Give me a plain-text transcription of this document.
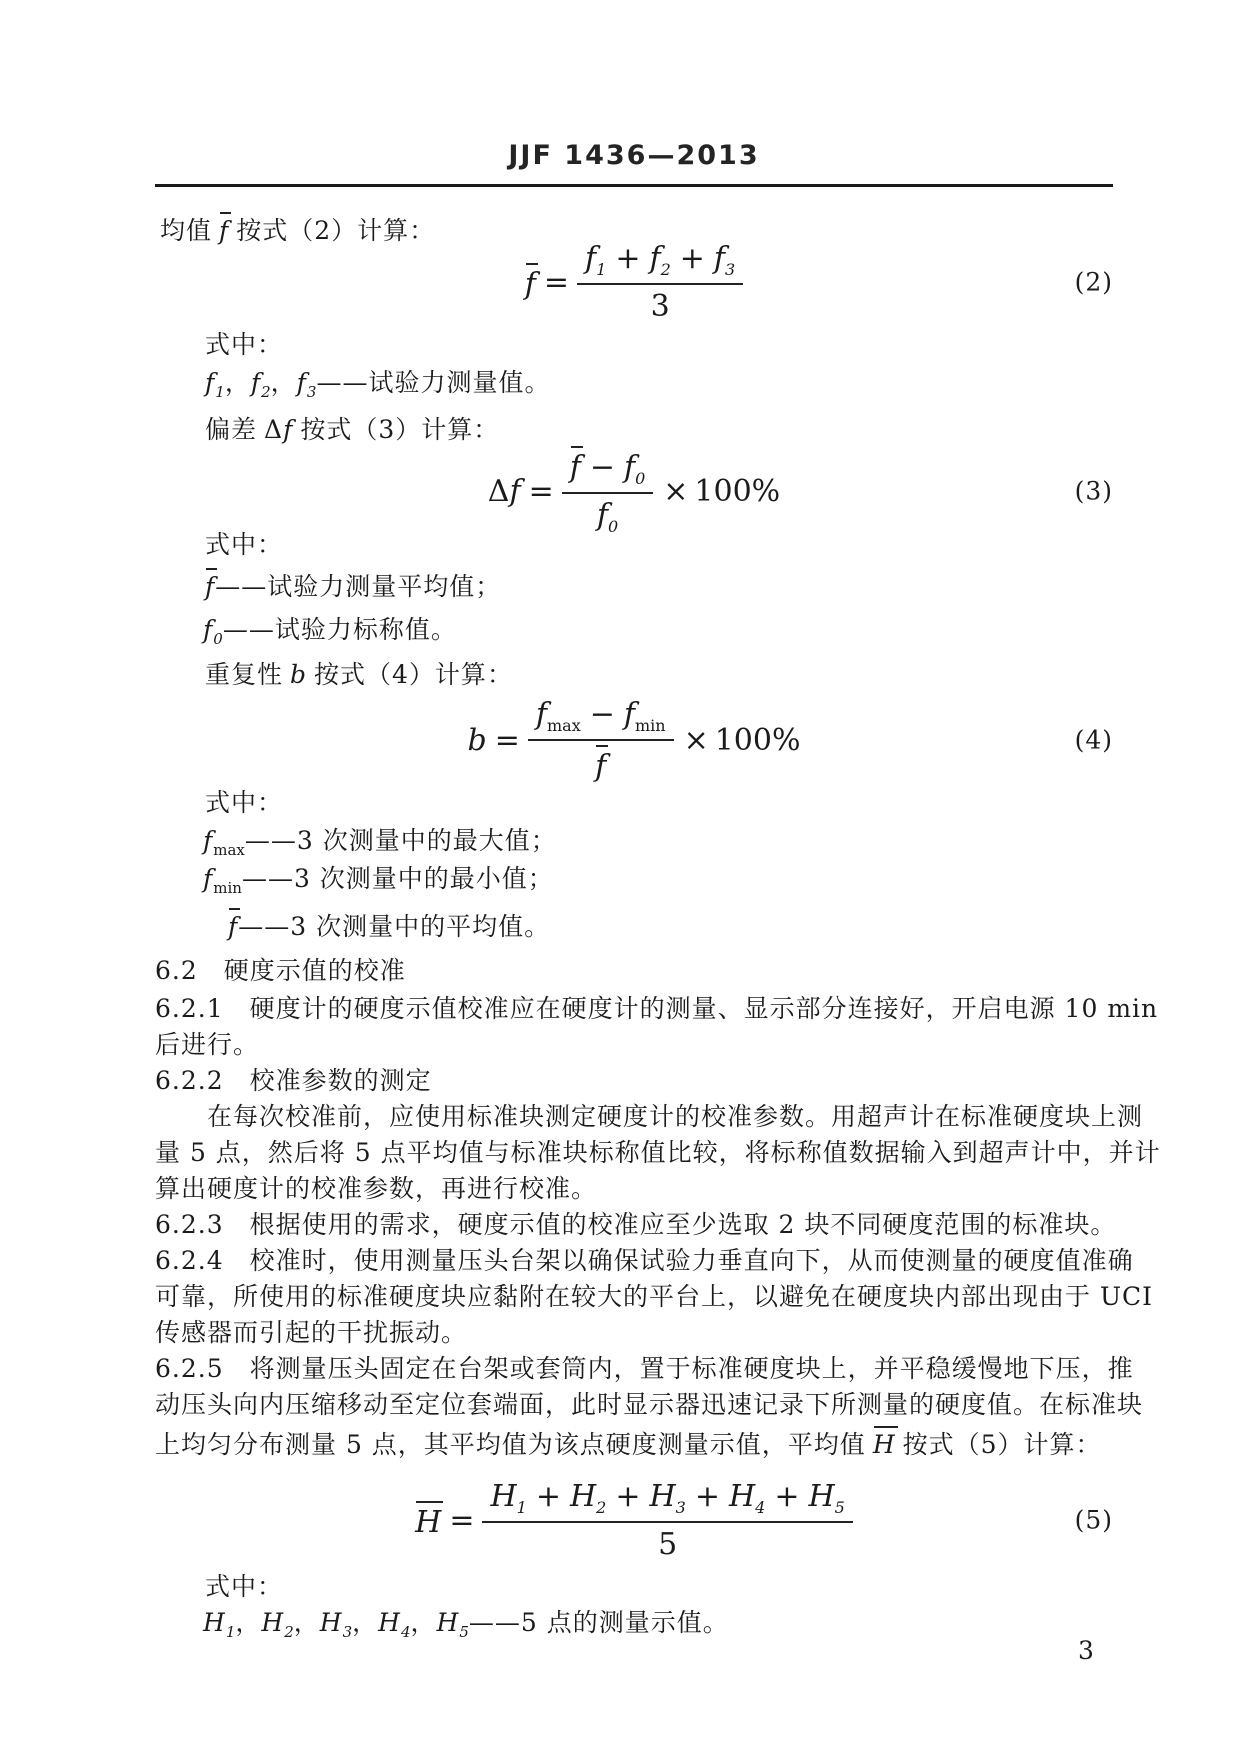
JJF 1436—2013
均值 f 按式（2）计算：
$f = \frac{f_1 + f_2 + f_3}{3}$	(2)
式中：
$f_1$，$f_2$，$f_3——$试验力测量值。
偏差 Δf 按式（3）计算：
Δ $f = \frac{f - f_0}{f_0} \times 100\%$	(3)
式中：
f——试验力测量平均值；
$f_0——$试验力标称值。
重复性 b 按式（4）计算：
$b = \frac{f_{max} - f_{min}}{f} \times 100\%$	(4)
式中：
$f_{max}——3$ 次测量中的最大值；
$f_{min}——3$ 次测量中的最小值；
f——3 次测量中的平均值。
6.2　硬度示值的校准
6.2.1　硬度计的硬度示值校准应在硬度计的测量、显示部分连接好，开启电源 10 min
后进行。
6.2.2　校准参数的测定
在每次校准前，应使用标准块测定硬度计的校准参数。用超声计在标准硬度块上测
量 5 点，然后将 5 点平均值与标准块标称值比较，将标称值数据输入到超声计中，并计
算出硬度计的校准参数，再进行校准。
6.2.3　根据使用的需求，硬度示值的校准应至少选取 2 块不同硬度范围的标准块。
6.2.4　校准时，使用测量压头台架以确保试验力垂直向下，从而使测量的硬度值准确
可靠，所使用的标准硬度块应黏附在较大的平台上，以避免在硬度块内部出现由于 UCI
传感器而引起的干扰振动。
6.2.5　将测量压头固定在台架或套筒内，置于标准硬度块上，并平稳缓慢地下压，推
动压头向内压缩移动至定位套端面，此时显示器迅速记录下所测量的硬度值。在标准块
上均匀分布测量 5 点，其平均值为该点硬度测量示值，平均值 H 按式（5）计算：
$H = \frac{H_1 + H_2 + H_3 + H_4 + H_5}{5}$	(5)
式中：
$H_1$，$H_2$，$H_3$，$H_4$，$H_5——5$ 点的测量示值。
3
